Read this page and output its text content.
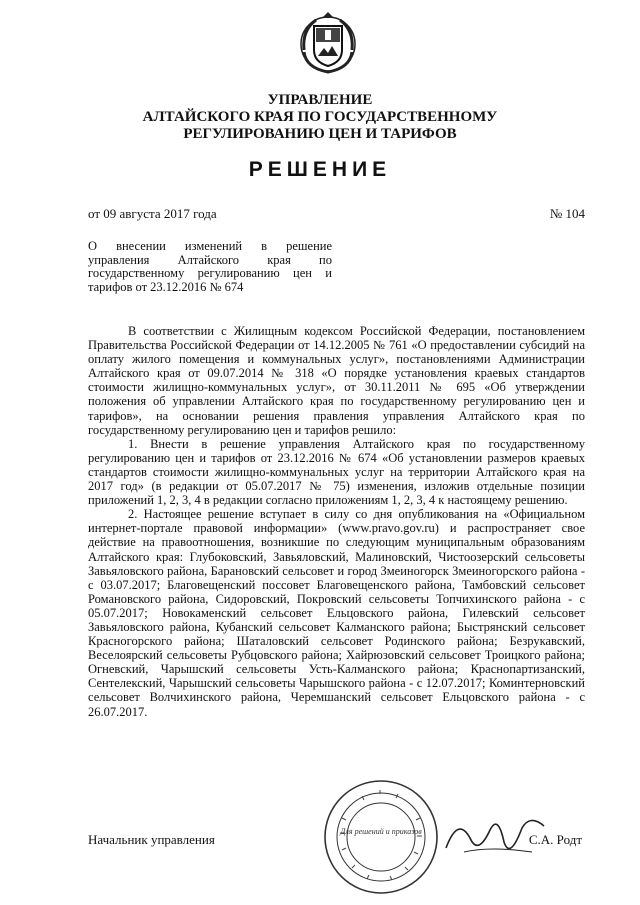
УПРАВЛЕНИЕ
АЛТАЙСКОГО КРАЯ ПО ГОСУДАРСТВЕННОМУ
РЕГУЛИРОВАНИЮ ЦЕН И ТАРИФОВ
РЕШЕНИЕ
от 09 августа 2017 года	№ 104
О внесении изменений в решение управления Алтайского края по государственному регулированию цен и тарифов от 23.12.2016 № 674

В соответствии с Жилищным кодексом Российской Федерации, постановлением Правительства Российской Федерации от 14.12.2005 № 761 «О предоставлении субсидий на оплату жилого помещения и коммунальных услуг», постановлениями Администрации Алтайского края от 09.07.2014 № 318 «О порядке установления краевых стандартов стоимости жилищно-коммунальных услуг», от 30.11.2011 № 695 «Об утверждении положения об управлении Алтайского края по государственному регулированию цен и тарифов», на основании решения правления управления Алтайского края по государственному регулированию цен и тарифов решило:

1. Внести в решение управления Алтайского края по государственному регулированию цен и тарифов от 23.12.2016 № 674 «Об установлении размеров краевых стандартов стоимости жилищно-коммунальных услуг на территории Алтайского края на 2017 год» (в редакции от 05.07.2017 № 75) изменения, изложив отдельные позиции приложений 1, 2, 3, 4 в редакции согласно приложениям 1, 2, 3, 4 к настоящему решению.

2. Настоящее решение вступает в силу со дня опубликования на «Официальном интернет-портале правовой информации» (www.pravo.gov.ru) и распространяет свое действие на правоотношения, возникшие по следующим муниципальным образованиям Алтайского края: Глубоковский, Завьяловский, Малиновский, Чистоозерский сельсоветы Завьяловского района, Барановский сельсовет и город Змеиногорск Змеиногорского района - с 03.07.2017; Благовещенский поссовет Благовещенского района, Тамбовский сельсовет Романовского района, Сидоровский, Покровский сельсоветы Топчихинского района - с 05.07.2017; Новокаменский сельсовет Ельцовского района, Гилевский сельсовет Завьяловского района, Кубанский сельсовет Калманского района; Быстрянский сельсовет Красногорского района; Шаталовский сельсовет Родинского района; Безрукавский, Веселоярский сельсоветы Рубцовского района; Хайрюзовский сельсовет Троицкого района; Огневский, Чарышский сельсоветы Усть-Калманского района; Краснопартизанский, Сентелекский, Чарышский сельсоветы Чарышского района - с 12.07.2017; Коминтерновский сельсовет Волчихинского района, Черемшанский сельсовет Ельцовского района - с 26.07.2017.

Начальник управления
Для решений и приказов
С.А. Родт
